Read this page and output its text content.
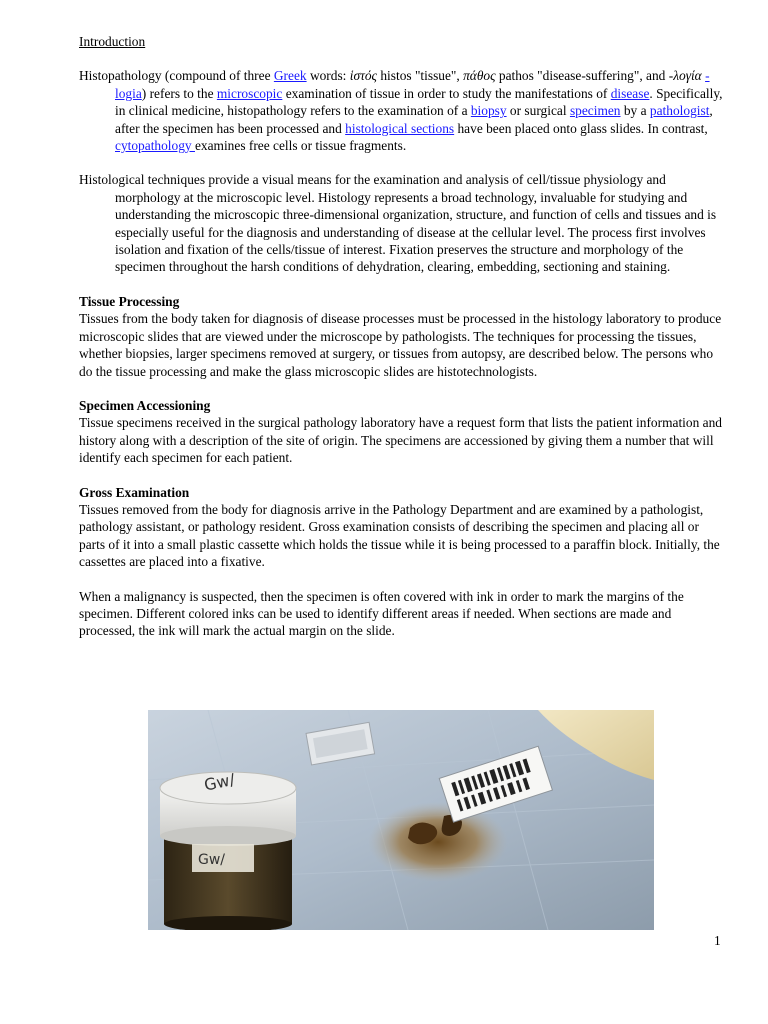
Introduction

Histopathology (compound of three Greek words: ἱστός histos "tissue", πάθος pathos "disease-suffering", and -λογία -logia) refers to the microscopic examination of tissue in order to study the manifestations of disease. Specifically, in clinical medicine, histopathology refers to the examination of a biopsy or surgical specimen by a pathologist, after the specimen has been processed and histological sections have been placed onto glass slides. In contrast, cytopathology examines free cells or tissue fragments.

Histological techniques provide a visual means for the examination and analysis of cell/tissue physiology and morphology at the microscopic level. Histology represents a broad technology, invaluable for studying and understanding the microscopic three-dimensional organization, structure, and function of cells and tissues and is especially useful for the diagnosis and understanding of disease at the cellular level. The process first involves isolation and fixation of the cells/tissue of interest. Fixation preserves the structure and morphology of the specimen throughout the harsh conditions of dehydration, clearing, embedding, sectioning and staining.

Tissue Processing

Tissues from the body taken for diagnosis of disease processes must be processed in the histology laboratory to produce microscopic slides that are viewed under the microscope by pathologists. The techniques for processing the tissues, whether biopsies, larger specimens removed at surgery, or tissues from autopsy, are described below. The persons who do the tissue processing and make the glass microscopic slides are histotechnologists.

Specimen Accessioning

Tissue specimens received in the surgical pathology laboratory have a request form that lists the patient information and history along with a description of the site of origin. The specimens are accessioned by giving them a number that will identify each specimen for each patient.

Gross Examination

Tissues removed from the body for diagnosis arrive in the Pathology Department and are examined by a pathologist, pathology assistant, or pathology resident. Gross examination consists of describing the specimen and placing all or parts of it into a small plastic cassette which holds the tissue while it is being processed to a paraffin block. Initially, the cassettes are placed into a fixative.

When a malignancy is suspected, then the specimen is often covered with ink in order to mark the margins of the specimen. Different colored inks can be used to identify different areas if needed. When sections are made and processed, the ink will mark the actual margin on the slide.

Gw/
Gw/
1
